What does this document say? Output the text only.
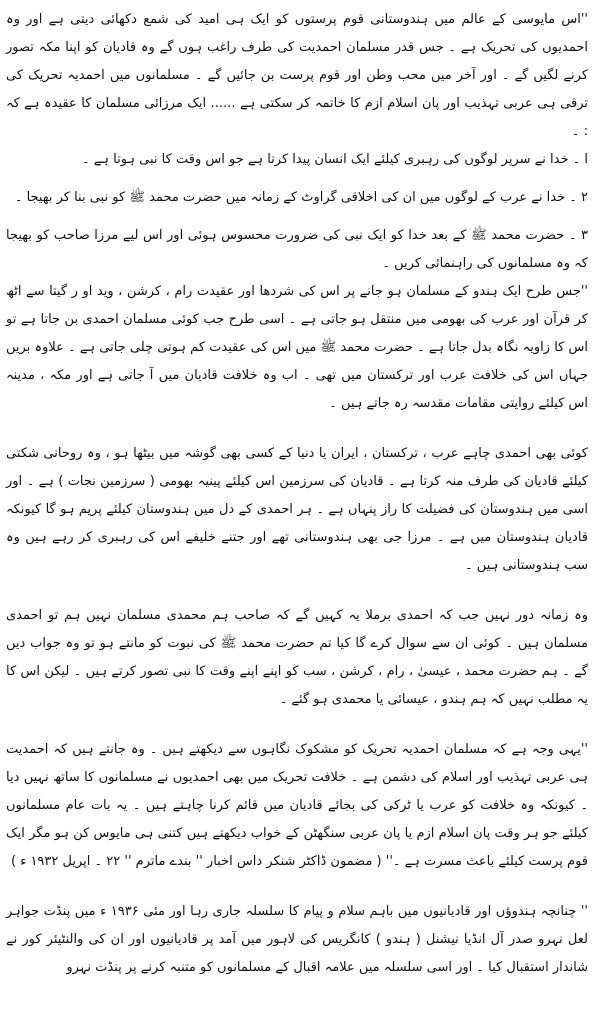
''اس مایوسی کے عالم میں ہندوستانی قوم پرستوں کو ایک ہی امید کی شمع دکھائی دیتی ہے اور وہ احمدیوں کی تحریک ہے ۔ جس قدر مسلمان احمدیت کی طرف راغب ہوں گے وہ قادیان کو اپنا مکہ تصور کرنے لگیں گے ۔ اور آخر میں محب وطن اور قوم پرست بن جائیں گے ۔ مسلمانوں میں احمدیہ تحریک کی ترقی ہی عربی تہذیب اور پان اسلام ازم کا خاتمہ کر سکتی ہے ...... ایک مرزائی مسلمان کا عقیدہ ہے کہ : ۔

ا ۔ خدا نے سرپر لوگوں کی رہبری کیلئے ایک انسان پیدا کرتا ہے جو اس وقت کا نبی ہوتا ہے ۔

۲ ۔ خدا نے عرب کے لوگوں میں ان کی اخلاقی گراوٹ کے زمانہ میں حضرت محمد ﷺ کو نبی بنا کر بھیجا ۔

۳ ۔ حضرت محمد ﷺ کے بعد خدا کو ایک نبی کی ضرورت محسوس ہوئی اور اس لیے مرزا صاحب کو بھیجا کہ وہ مسلمانوں کی راہنمائی کریں ۔

''جس طرح ایک ہندو کے مسلمان ہو جانے پر اس کی شردھا اور عقیدت رام ، کرشن ، وید او ر گیتا سے اٹھ کر قرآن اور عرب کی بھومی میں منتقل ہو جاتی ہے ۔ اسی طرح جب کوئی مسلمان احمدی بن جاتا ہے تو اس کا زاویہ نگاہ بدل جاتا ہے ۔ حضرت محمد ﷺ میں اس کی عقیدت کم ہوتی چلی جاتی ہے ۔ علاوہ بریں جہاں اس کی خلافت عرب اور ترکستان میں تھی ۔ اب وہ خلافت قادیان میں آ جاتی ہے اور مکہ ، مدینہ اس کیلئے روایتی مقامات مقدسہ رہ جاتے ہیں ۔

کوئی بھی احمدی چاہے عرب ، ترکستان ، ایران یا دنیا کے کسی بھی گوشہ میں بیٹھا ہو ، وہ روحانی شکتی کیلئے قادیان کی طرف منہ کرتا ہے ۔ قادیان کی سرزمین اس کیلئے پینیہ بھومی ( سرزمین نجات ) ہے ۔ اور اسی میں ہندوستان کی فضیلت کا راز پنہاں ہے ۔ ہر احمدی کے دل میں ہندوستان کیلئے پریم ہو گا کیونکہ قادیان ہندوستان میں ہے ۔ مرزا جی بھی ہندوستانی تھے اور جتنے خلیفے اس کی رہبری کر رہے ہیں وہ سب ہندوستانی ہیں ۔

وہ زمانہ دور نہیں جب کہ احمدی برملا یہ کہیں گے کہ صاحب ہم محمدی مسلمان نہیں ہم تو احمدی مسلمان ہیں ۔ کوئی ان سے سوال کرے گا کیا تم حضرت محمد ﷺ کی نبوت کو مانتے ہو تو وہ جواب دیں گے ۔ ہم حضرت محمد ، عیسیٰ ، رام ، کرشن ، سب کو اپنے اپنے وقت کا نبی تصور کرتے ہیں ۔ لیکن اس کا یہ مطلب نہیں کہ ہم ہندو ، عیسائی یا محمدی ہو گئے ۔

''یہی وجہ ہے کہ مسلمان احمدیہ تحریک کو مشکوک نگاہوں سے دیکھتے ہیں ۔ وہ جانتے ہیں کہ احمدیت ہی عربی تہذیب اور اسلام کی دشمن ہے ۔ خلافت تحریک میں بھی احمدیوں نے مسلمانوں کا ساتھ نہیں دیا ۔ کیونکہ وہ خلافت کو عرب یا ٹرکی کی بجائے قادیان میں قائم کرنا چاہتے ہیں ۔ یہ بات عام مسلمانوں کیلئے جو ہر وقت پان اسلام ازم یا پان عربی سنگھٹن کے خواب دیکھتے ہیں کتنی ہی مایوس کن ہو مگر ایک قوم پرست کیلئے باعث مسرت ہے ۔'' ( مضمون ڈاکٹر شنکر داس اخبار '' بندے ماترم '' ۲۲ ۔ اپریل ۱۹۳۲ ء )

'' چنانچہ ہندوؤں اور قادیانیوں میں باہم سلام و پیام کا سلسلہ جاری رہا اور مئی ۱۹۳۶ ء میں پنڈت جواہر لعل نہرو صدر آل انڈیا نیشنل ( ہندو ) کانگریس کی لاہور میں آمد پر قادیانیوں اور ان کی والنٹیئر کور نے شاندار استقبال کیا ۔ اور اسی سلسلہ میں علامہ اقبال کے مسلمانوں کو متنبہ کرنے پر پنڈت نہرو
